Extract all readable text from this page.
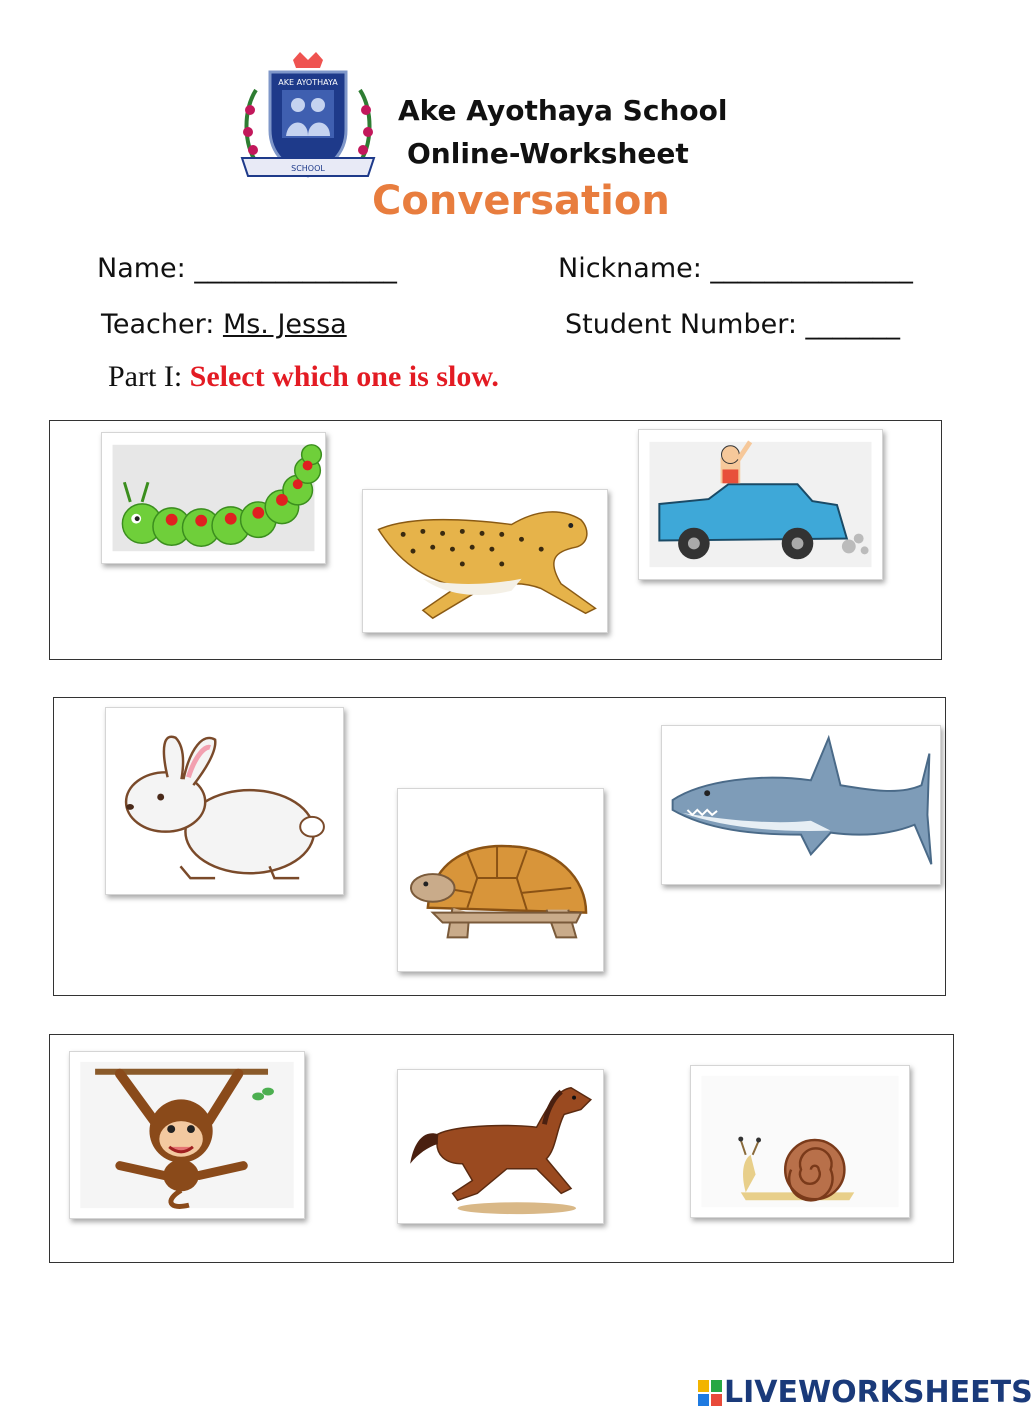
AKE AYOTHAYA
SCHOOL
Ake Ayothaya School
Online-Worksheet
Conversation
Name: _______________	Nickname: _______________
Teacher: Ms. Jessa	Student Number: _______
Part I: Select which one is slow.
LIVEWORKSHEETS
